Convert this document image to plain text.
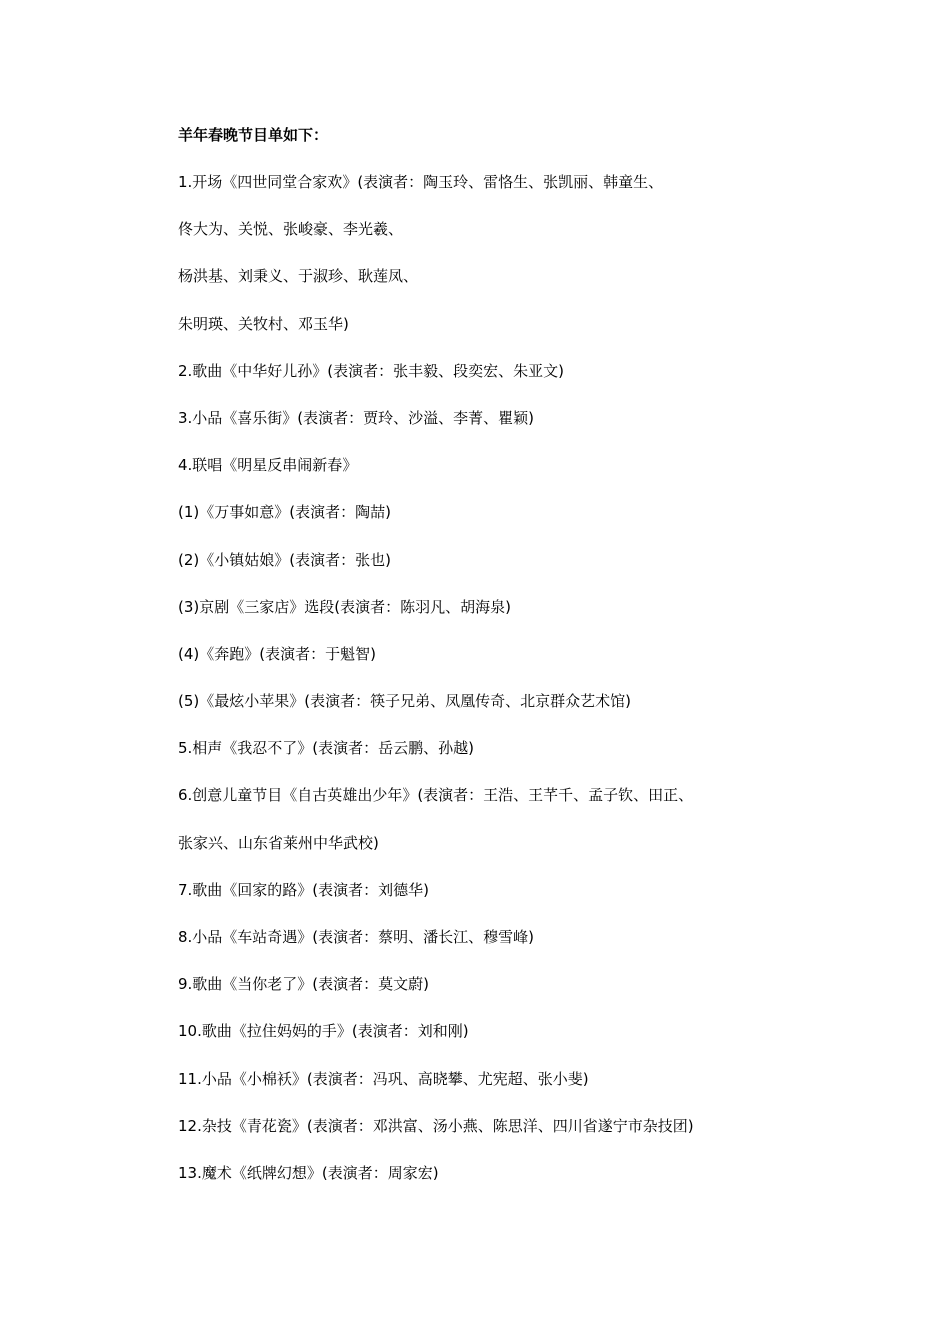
羊年春晚节目单如下：
1.开场《四世同堂合家欢》(表演者：陶玉玲、雷恪生、张凯丽、韩童生、
佟大为、关悦、张峻豪、李光羲、
杨洪基、刘秉义、于淑珍、耿莲凤、
朱明瑛、关牧村、邓玉华)
2.歌曲《中华好儿孙》(表演者：张丰毅、段奕宏、朱亚文)
3.小品《喜乐街》(表演者：贾玲、沙溢、李菁、瞿颖)
4.联唱《明星反串闹新春》
(1)《万事如意》(表演者：陶喆)
(2)《小镇姑娘》(表演者：张也)
(3)京剧《三家店》选段(表演者：陈羽凡、胡海泉)
(4)《奔跑》(表演者：于魁智)
(5)《最炫小苹果》(表演者：筷子兄弟、凤凰传奇、北京群众艺术馆)
5.相声《我忍不了》(表演者：岳云鹏、孙越)
6.创意儿童节目《自古英雄出少年》(表演者：王浩、王芊千、孟子钦、田正、
张家兴、山东省莱州中华武校)
7.歌曲《回家的路》(表演者：刘德华)
8.小品《车站奇遇》(表演者：蔡明、潘长江、穆雪峰)
9.歌曲《当你老了》(表演者：莫文蔚)
10.歌曲《拉住妈妈的手》(表演者：刘和刚)
11.小品《小棉袄》(表演者：冯巩、高晓攀、尤宪超、张小斐)
12.杂技《青花瓷》(表演者：邓洪富、汤小燕、陈思洋、四川省遂宁市杂技团)
13.魔术《纸牌幻想》(表演者：周家宏)
